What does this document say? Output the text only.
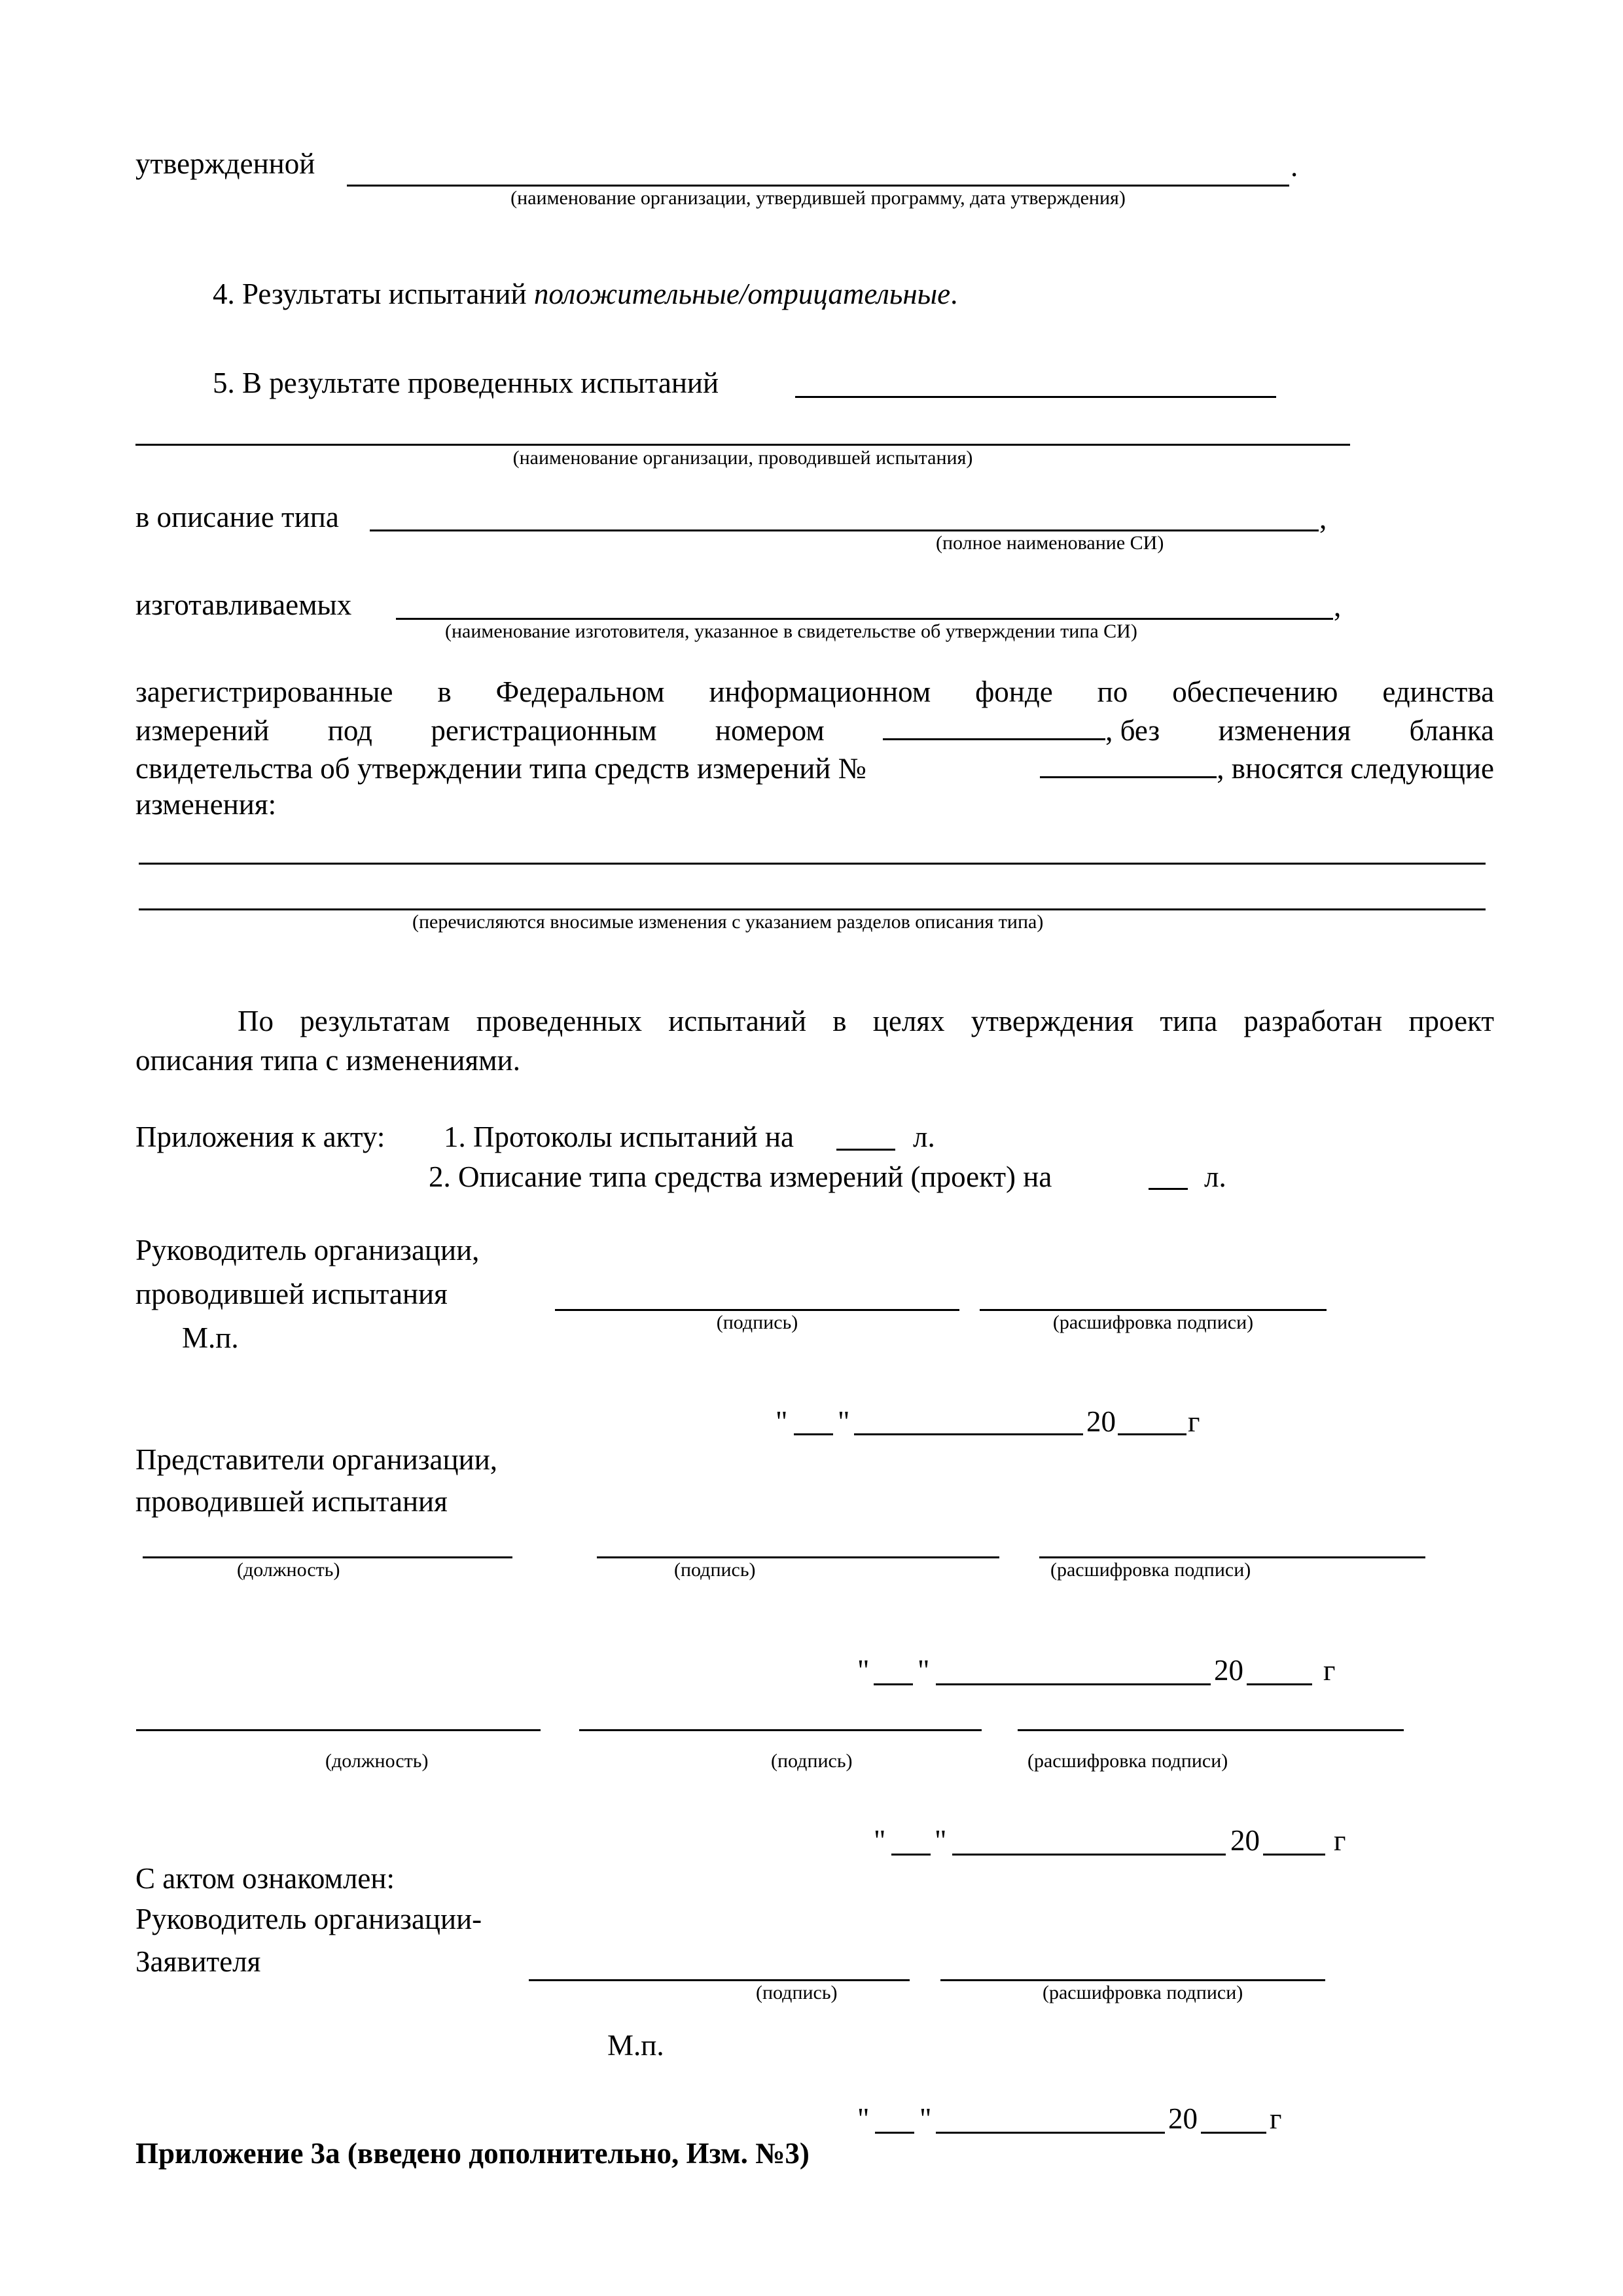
утвержденной	.
(наименование организации, утвердившей программу, дата утверждения)
4. Результаты испытаний положительные/отрицательные.
5. В результате проведенных испытаний
(наименование организации, проводившей испытания)
в описание типа	,
(полное наименование СИ)
изготавливаемых	,
(наименование изготовителя, указанное в свидетельстве об утверждении типа СИ)
зарегистрированные в Федеральном информационном фонде по обеспечению единства
измерений под регистрационным номером	, без изменения бланка
свидетельства об утверждении типа средств измерений №	, вносятся следующие
изменения:
(перечисляются вносимые изменения с указанием разделов описания типа)
По результатам проведенных испытаний в целях утверждения типа разработан проект
описания типа с изменениями.
Приложения к акту: 1. Протоколы испытаний на	л.
2. Описание типа средства измерений (проект) на	л.
Руководитель организации,
проводившей испытания
М.п.	(подпись)	(расшифровка подписи)
" "	20 г
Представители организации,
проводившей испытания
(должность)	(подпись)	(расшифровка подписи)
" "	20	г
(должность)	(подпись)	(расшифровка подписи)
" "	20	г
С актом ознакомлен:
Руководитель организации-
Заявителя
(подпись)	(расшифровка подписи)
М.п.
" "	20 г
Приложение 3а (введено дополнительно, Изм. №3)
